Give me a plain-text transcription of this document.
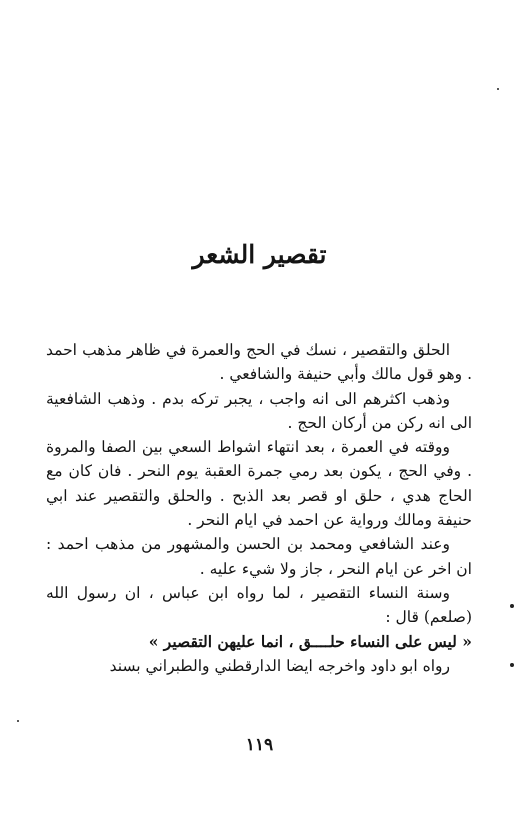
تقصير الشعر

الحلق والتقصير ، نسك في الحج والعمرة في ظاهر مذهب احمد . وهو قول مالك وأبي حنيفة والشافعي .

وذهب اكثرهم الى انه واجب ، يجبر تركه بدم . وذهب الشافعية الى انه ركن من أركان الحج .

ووقته في العمرة ، بعد انتهاء اشواط السعي بين الصفا والمروة . وفي الحج ، يكون بعد رمي جمرة العقبة يوم النحر . فان كان مع الحاج هدي ، حلق او قصر بعد الذبح . والحلق والتقصير عند ابي حنيفة ومالك ورواية عن احمد في ايام النحر .

وعند الشافعي ومحمد بن الحسن والمشهور من مذهب احمد : ان اخر عن ايام النحر ، جاز ولا شيء عليه .

وسنة النساء التقصير ، لما رواه ابن عباس ، ان رسول الله (صلعم) قال :

« ليس على النساء حلــــق ، انما عليهن التقصير »

رواه ابو داود واخرجه ايضا الدارقطني والطبراني بسند

١١٩
